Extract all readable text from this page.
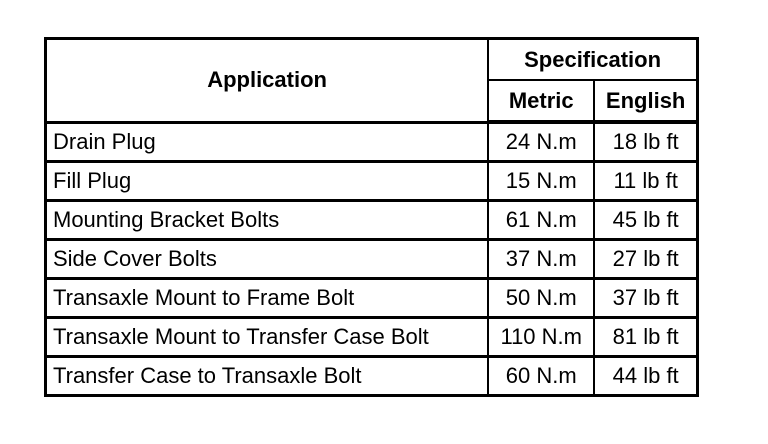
Application	Specification	
	Metric	English
Drain Plug	24 N.m	18 lb ft
Fill Plug	15 N.m	11 lb ft
Mounting Bracket Bolts	61 N.m	45 lb ft
Side Cover Bolts	37 N.m	27 lb ft
Transaxle Mount to Frame Bolt	50 N.m	37 lb ft
Transaxle Mount to Transfer Case Bolt	110 N.m	81 lb ft
Transfer Case to Transaxle Bolt	60 N.m	44 lb ft
